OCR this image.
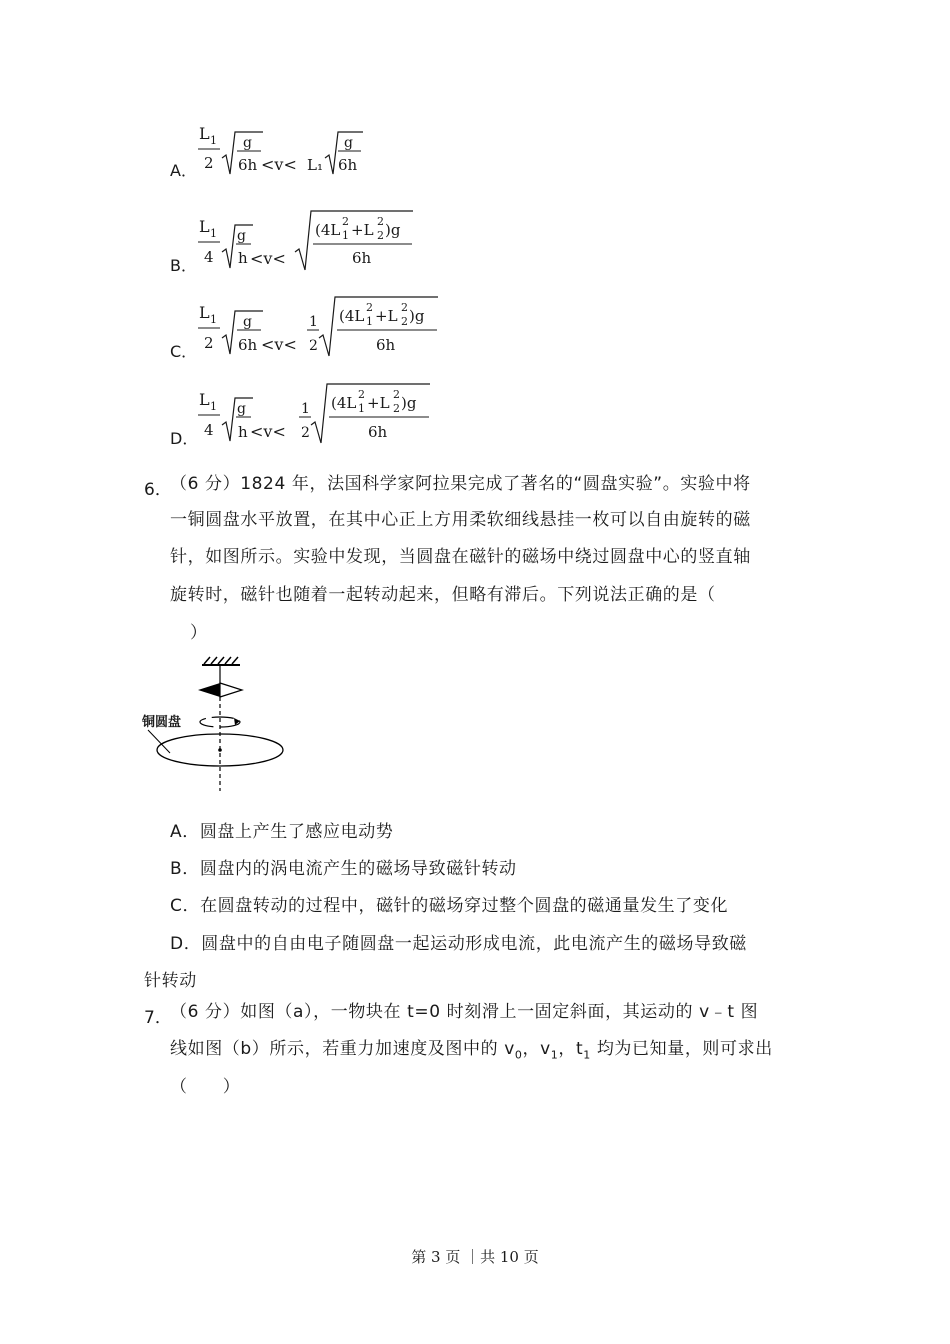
A．
L 1
2
g
6h <v< L₁
g
6h
B．
L 1
4
g
h <v<
(4L 2
1 +L 2
2 )g
6h
C．
L 1
2
g
6h <v<
1
2
(4L 2
1 +L 2
2 )g
6h
D．
L 1
4
g
h <v<
1
2
(4L 2
1 +L 2
2 )g
6h
6．
（6 分）1824 年，法国科学家阿拉果完成了著名的“圆盘实验”。实验中将
一铜圆盘水平放置，在其中心正上方用柔软细线悬挂一枚可以自由旋转的磁
针，如图所示。实验中发现，当圆盘在磁针的磁场中绕过圆盘中心的竖直轴
旋转时，磁针也随着一起转动起来，但略有滞后。下列说法正确的是（
）
铜圆盘
A．圆盘上产生了感应电动势
B．圆盘内的涡电流产生的磁场导致磁针转动
C．在圆盘转动的过程中，磁针的磁场穿过整个圆盘的磁通量发生了变化
D．圆盘中的自由电子随圆盘一起运动形成电流，此电流产生的磁场导致磁
针转动
7．
（6 分）如图（a），一物块在 t=0 时刻滑上一固定斜面，其运动的 v﹣t 图
线如图（b）所示，若重力加速度及图中的 $v_0$，$v_1$，$t_1$ 均为已知量，则可求出
（　　）
第 3 页 ｜共 10 页
